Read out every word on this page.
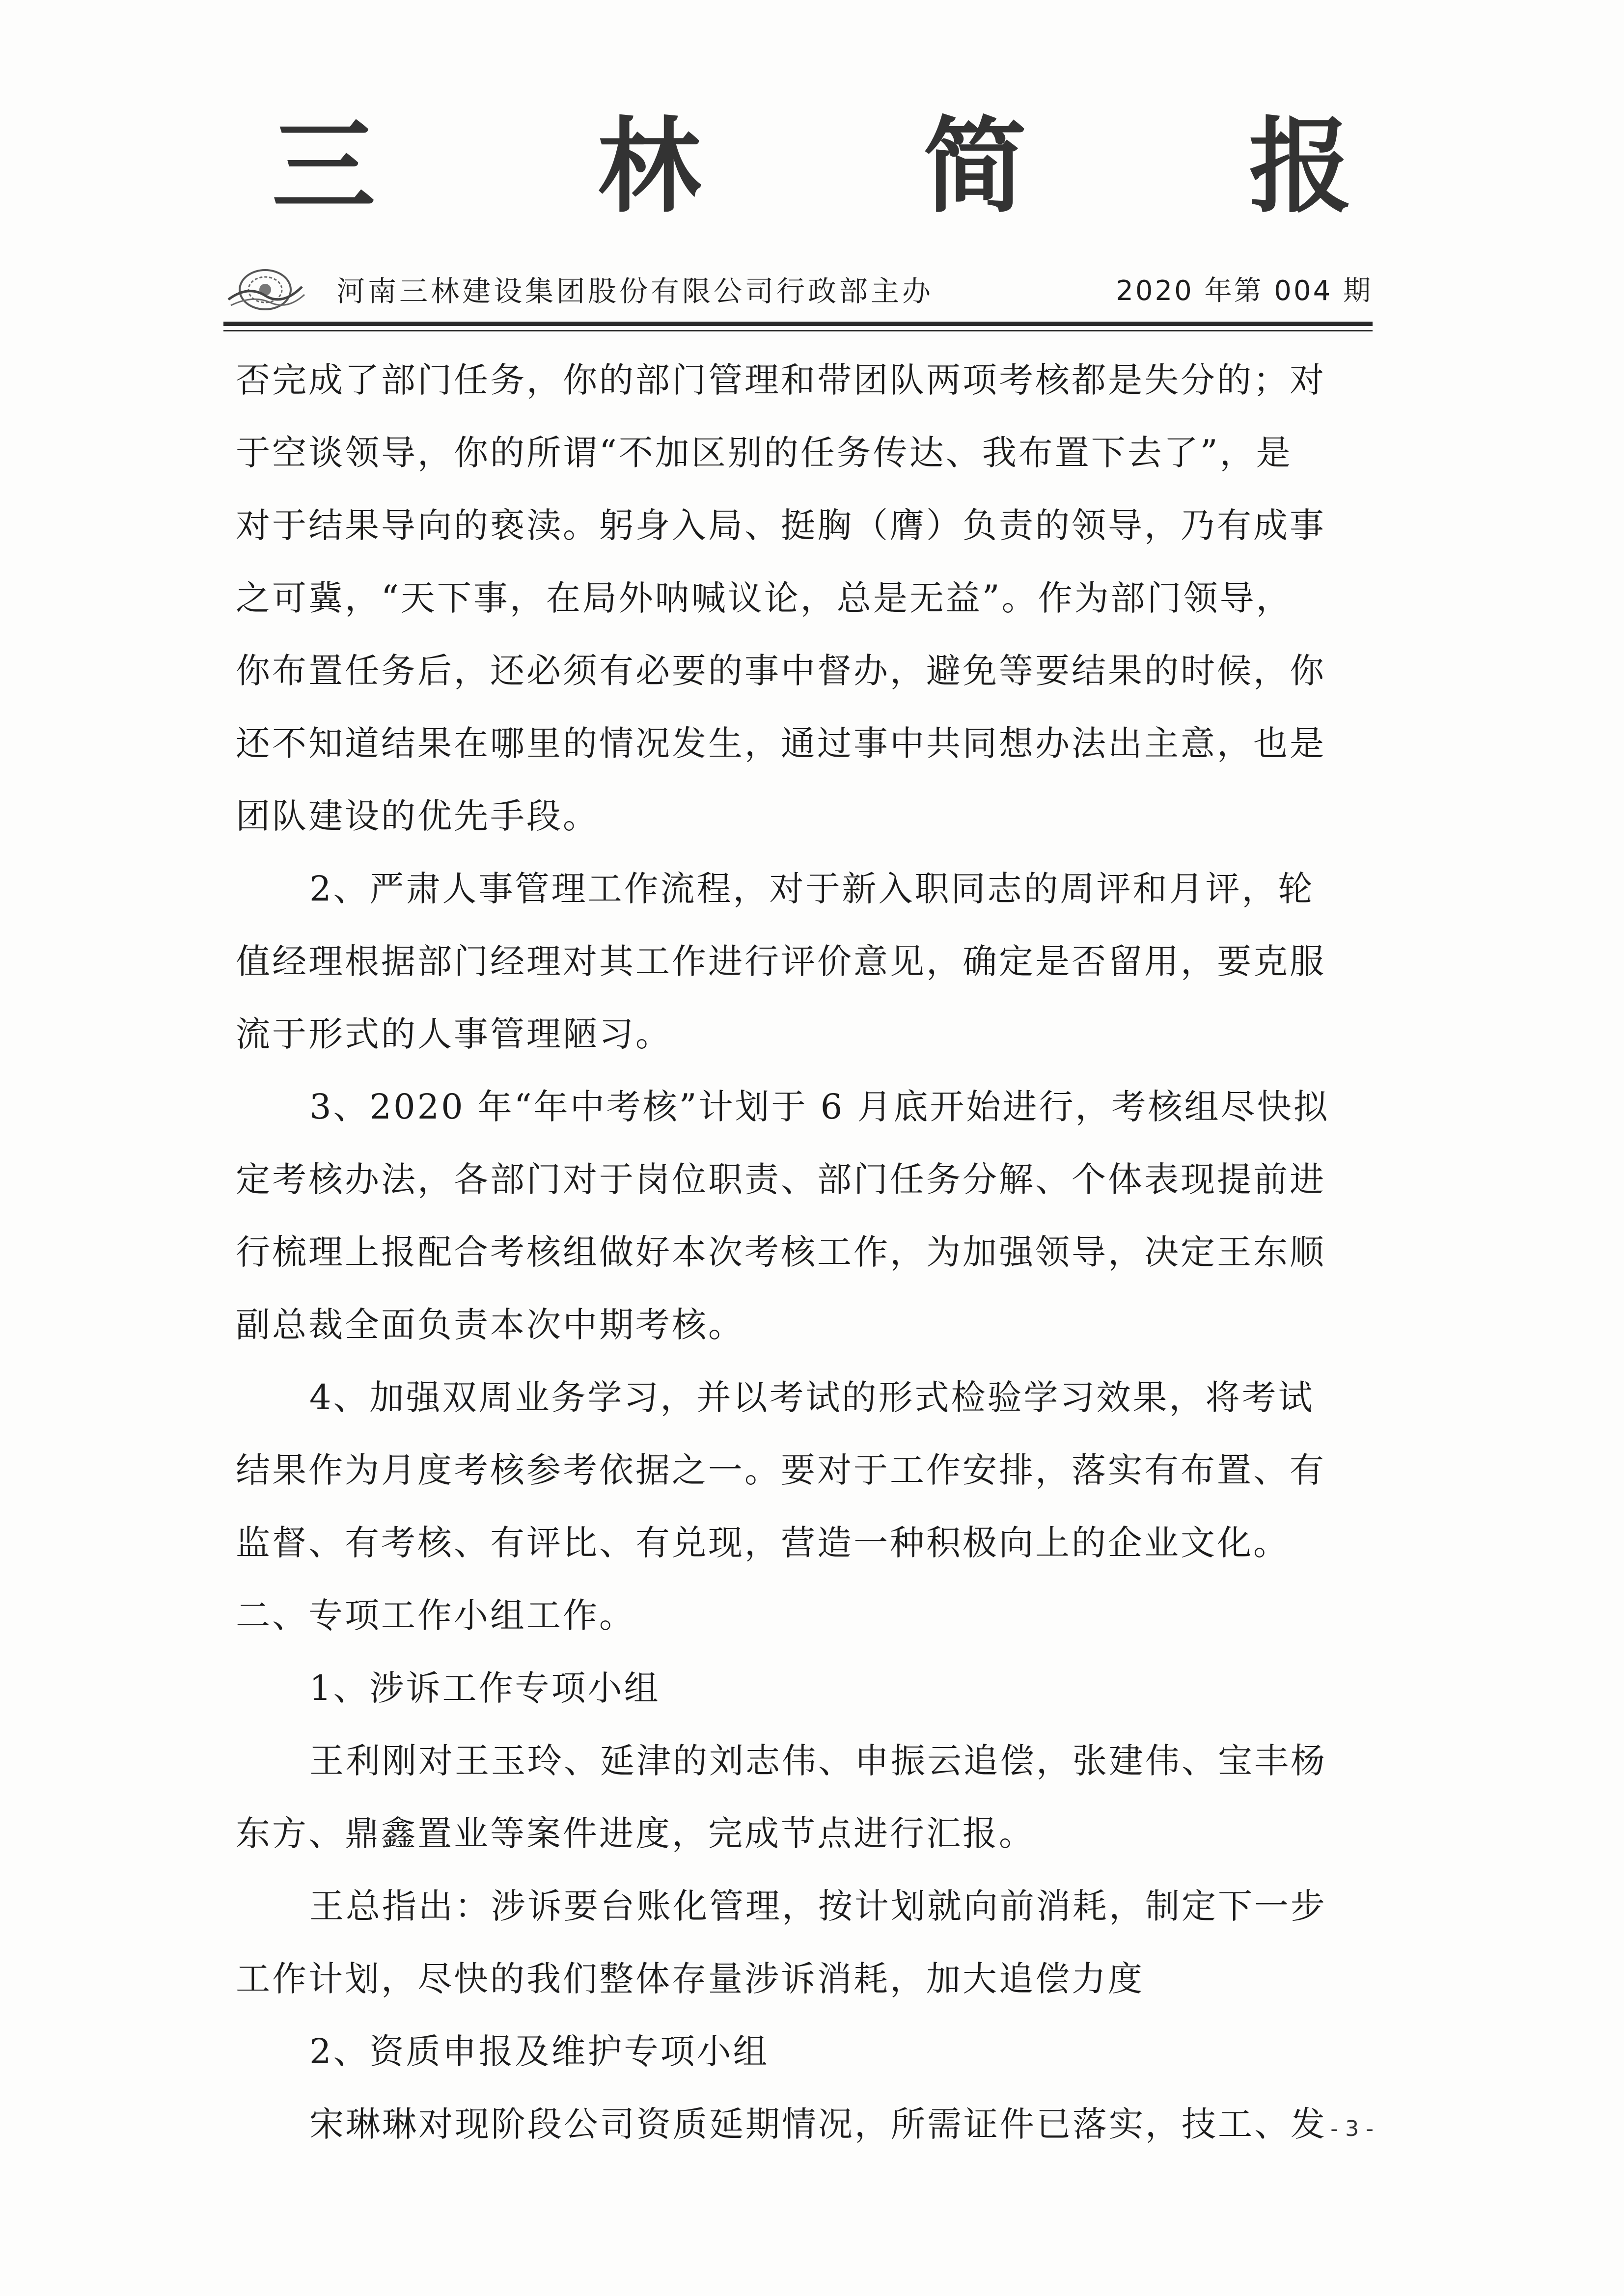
三 林 简 报
河南三林建设集团股份有限公司行政部主办	2020 年第 004 期
否完成了部门任务，你的部门管理和带团队两项考核都是失分的；对
于空谈领导，你的所谓“不加区别的任务传达、我布置下去了”，是
对于结果导向的亵渎。躬身入局、挺胸（膺）负责的领导，乃有成事
之可冀，“天下事，在局外呐喊议论，总是无益”。作为部门领导，
你布置任务后，还必须有必要的事中督办，避免等要结果的时候，你
还不知道结果在哪里的情况发生，通过事中共同想办法出主意，也是
团队建设的优先手段。
2、严肃人事管理工作流程，对于新入职同志的周评和月评，轮
值经理根据部门经理对其工作进行评价意见，确定是否留用，要克服
流于形式的人事管理陋习。
3、2020 年“年中考核”计划于 6 月底开始进行，考核组尽快拟
定考核办法，各部门对于岗位职责、部门任务分解、个体表现提前进
行梳理上报配合考核组做好本次考核工作，为加强领导，决定王东顺
副总裁全面负责本次中期考核。
4、加强双周业务学习，并以考试的形式检验学习效果，将考试
结果作为月度考核参考依据之一。要对于工作安排，落实有布置、有
监督、有考核、有评比、有兑现，营造一种积极向上的企业文化。
二、专项工作小组工作。
1、涉诉工作专项小组
王利刚对王玉玲、延津的刘志伟、申振云追偿，张建伟、宝丰杨
东方、鼎鑫置业等案件进度，完成节点进行汇报。
王总指出：涉诉要台账化管理，按计划就向前消耗，制定下一步
工作计划，尽快的我们整体存量涉诉消耗，加大追偿力度
2、资质申报及维护专项小组
宋琳琳对现阶段公司资质延期情况，所需证件已落实，技工、发 - 3 -
